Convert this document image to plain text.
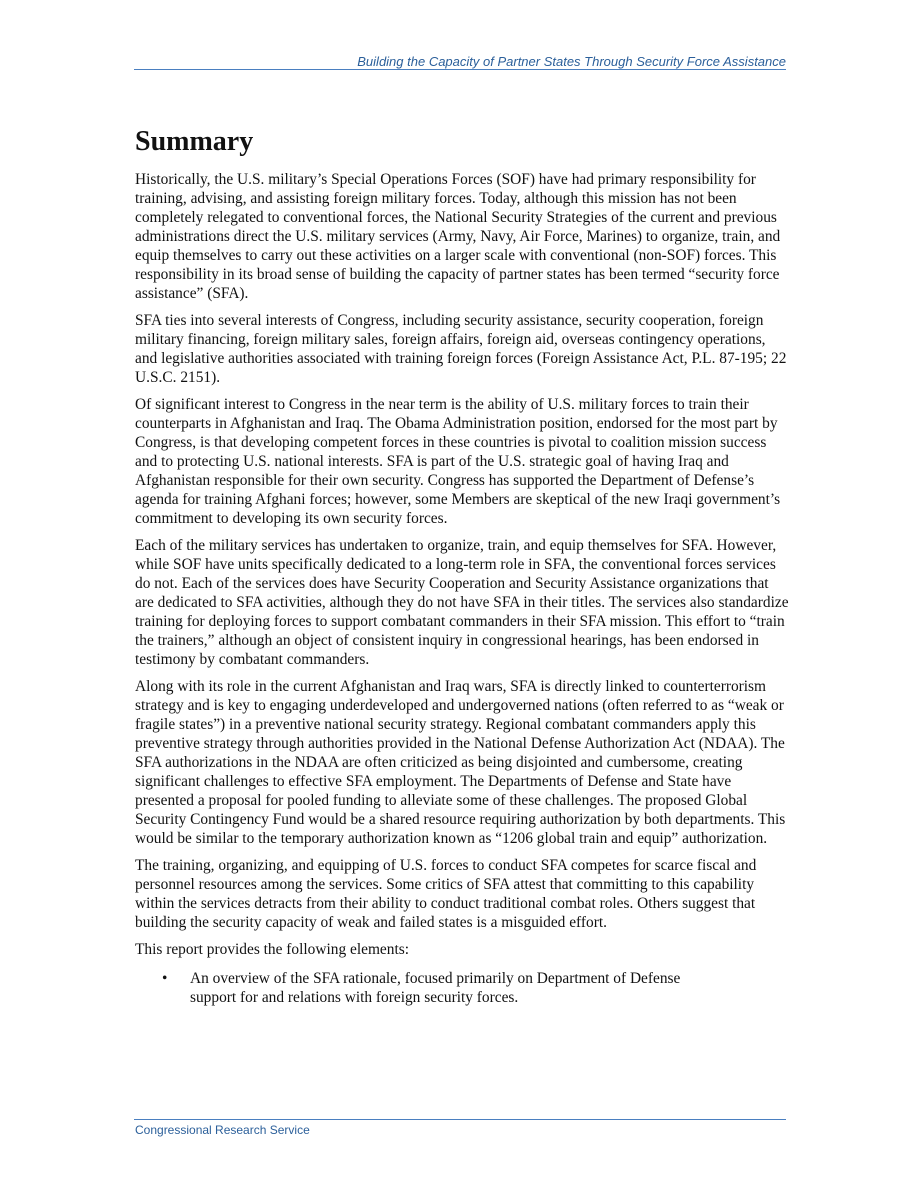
Building the Capacity of Partner States Through Security Force Assistance
Summary

Historically, the U.S. military’s Special Operations Forces (SOF) have had primary responsibility for training, advising, and assisting foreign military forces. Today, although this mission has not been completely relegated to conventional forces, the National Security Strategies of the current and previous administrations direct the U.S. military services (Army, Navy, Air Force, Marines) to organize, train, and equip themselves to carry out these activities on a larger scale with conventional (non-SOF) forces. This responsibility in its broad sense of building the capacity of partner states has been termed “security force assistance” (SFA).

SFA ties into several interests of Congress, including security assistance, security cooperation, foreign military financing, foreign military sales, foreign affairs, foreign aid, overseas contingency operations, and legislative authorities associated with training foreign forces (Foreign Assistance Act, P.L. 87-195; 22 U.S.C. 2151).

Of significant interest to Congress in the near term is the ability of U.S. military forces to train their counterparts in Afghanistan and Iraq. The Obama Administration position, endorsed for the most part by Congress, is that developing competent forces in these countries is pivotal to coalition mission success and to protecting U.S. national interests. SFA is part of the U.S. strategic goal of having Iraq and Afghanistan responsible for their own security. Congress has supported the Department of Defense’s agenda for training Afghani forces; however, some Members are skeptical of the new Iraqi government’s commitment to developing its own security forces.

Each of the military services has undertaken to organize, train, and equip themselves for SFA. However, while SOF have units specifically dedicated to a long-term role in SFA, the conventional forces services do not. Each of the services does have Security Cooperation and Security Assistance organizations that are dedicated to SFA activities, although they do not have SFA in their titles. The services also standardize training for deploying forces to support combatant commanders in their SFA mission. This effort to “train the trainers,” although an object of consistent inquiry in congressional hearings, has been endorsed in testimony by combatant commanders.

Along with its role in the current Afghanistan and Iraq wars, SFA is directly linked to counterterrorism strategy and is key to engaging underdeveloped and undergoverned nations (often referred to as “weak or fragile states”) in a preventive national security strategy. Regional combatant commanders apply this preventive strategy through authorities provided in the National Defense Authorization Act (NDAA). The SFA authorizations in the NDAA are often criticized as being disjointed and cumbersome, creating significant challenges to effective SFA employment. The Departments of Defense and State have presented a proposal for pooled funding to alleviate some of these challenges. The proposed Global Security Contingency Fund would be a shared resource requiring authorization by both departments. This would be similar to the temporary authorization known as “1206 global train and equip” authorization.

The training, organizing, and equipping of U.S. forces to conduct SFA competes for scarce fiscal and personnel resources among the services. Some critics of SFA attest that committing to this capability within the services detracts from their ability to conduct traditional combat roles. Others suggest that building the security capacity of weak and failed states is a misguided effort.

This report provides the following elements:

• An overview of the SFA rationale, focused primarily on Department of Defense support for and relations with foreign security forces.
Congressional Research Service
